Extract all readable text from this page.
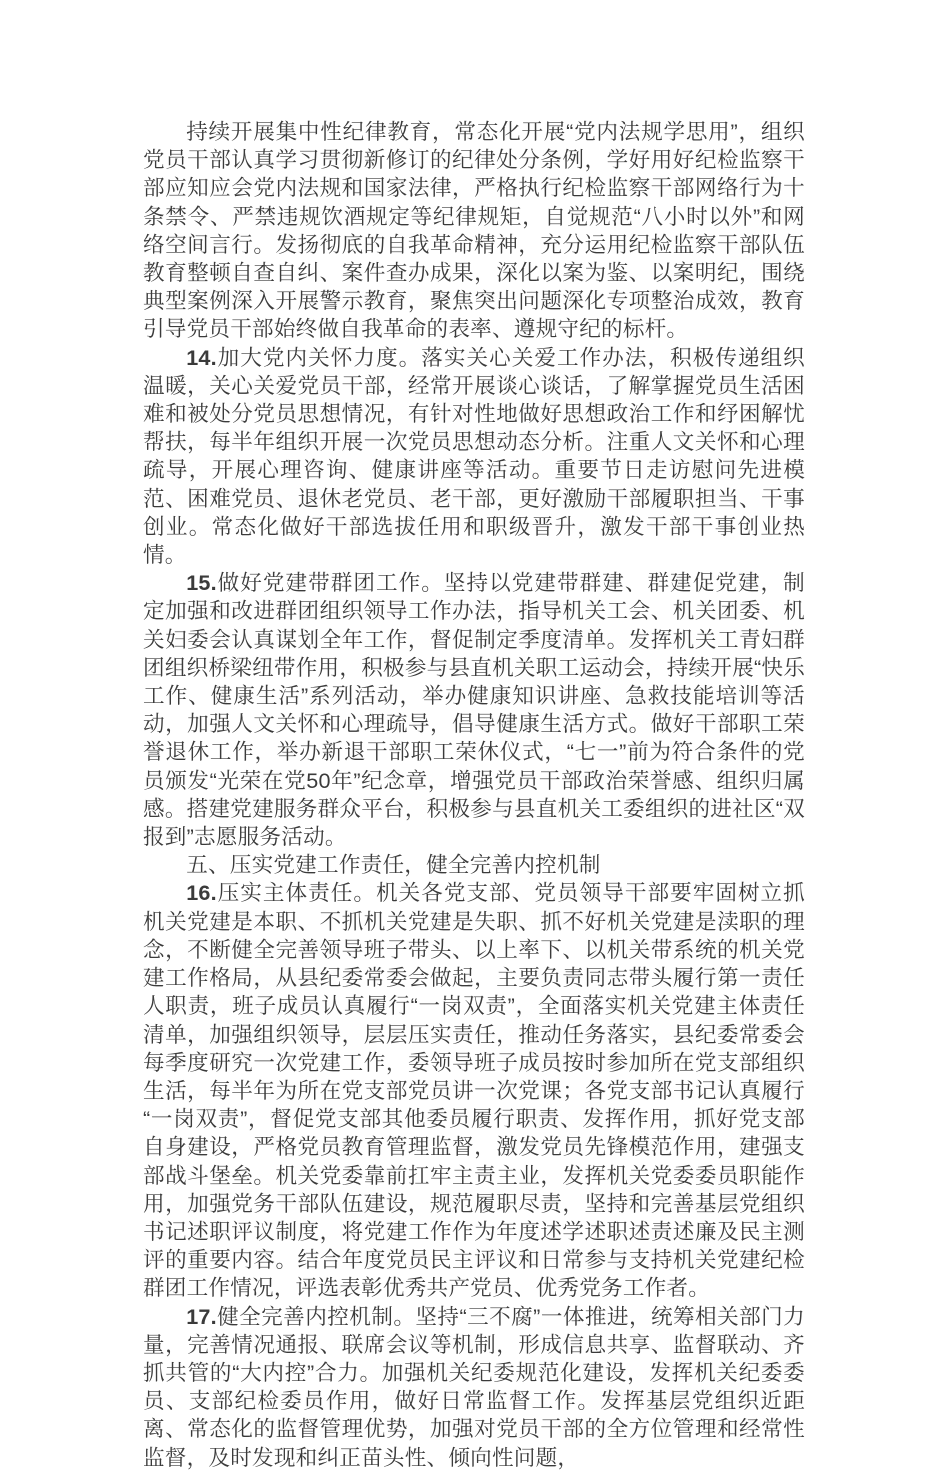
持续开展集中性纪律教育，常态化开展“党内法规学思用”，组织党员干部认真学习贯彻新修订的纪律处分条例，学好用好纪检监察干部应知应会党内法规和国家法律，严格执行纪检监察干部网络行为十条禁令、严禁违规饮酒规定等纪律规矩，自觉规范“八小时以外”和网络空间言行。发扬彻底的自我革命精神，充分运用纪检监察干部队伍教育整顿自查自纠、案件查办成果，深化以案为鉴、以案明纪，围绕典型案例深入开展警示教育，聚焦突出问题深化专项整治成效，教育引导党员干部始终做自我革命的表率、遵规守纪的标杆。

14.加大党内关怀力度。落实关心关爱工作办法，积极传递组织温暖，关心关爱党员干部，经常开展谈心谈话，了解掌握党员生活困难和被处分党员思想情况，有针对性地做好思想政治工作和纾困解忧帮扶，每半年组织开展一次党员思想动态分析。注重人文关怀和心理疏导，开展心理咨询、健康讲座等活动。重要节日走访慰问先进模范、困难党员、退休老党员、老干部，更好激励干部履职担当、干事创业。常态化做好干部选拔任用和职级晋升，激发干部干事创业热情。

15.做好党建带群团工作。坚持以党建带群建、群建促党建，制定加强和改进群团组织领导工作办法，指导机关工会、机关团委、机关妇委会认真谋划全年工作，督促制定季度清单。发挥机关工青妇群团组织桥梁纽带作用，积极参与县直机关职工运动会，持续开展“快乐工作、健康生活”系列活动，举办健康知识讲座、急救技能培训等活动，加强人文关怀和心理疏导，倡导健康生活方式。做好干部职工荣誉退休工作，举办新退干部职工荣休仪式，“七一”前为符合条件的党员颁发“光荣在党50年”纪念章，增强党员干部政治荣誉感、组织归属感。搭建党建服务群众平台，积极参与县直机关工委组织的进社区“双报到”志愿服务活动。

五、压实党建工作责任，健全完善内控机制

16.压实主体责任。机关各党支部、党员领导干部要牢固树立抓机关党建是本职、不抓机关党建是失职、抓不好机关党建是渎职的理念，不断健全完善领导班子带头、以上率下、以机关带系统的机关党建工作格局，从县纪委常委会做起，主要负责同志带头履行第一责任人职责，班子成员认真履行“一岗双责”，全面落实机关党建主体责任清单，加强组织领导，层层压实责任，推动任务落实，县纪委常委会每季度研究一次党建工作，委领导班子成员按时参加所在党支部组织生活，每半年为所在党支部党员讲一次党课；各党支部书记认真履行“一岗双责”，督促党支部其他委员履行职责、发挥作用，抓好党支部自身建设，严格党员教育管理监督，激发党员先锋模范作用，建强支部战斗堡垒。机关党委靠前扛牢主责主业，发挥机关党委委员职能作用，加强党务干部队伍建设，规范履职尽责，坚持和完善基层党组织书记述职评议制度，将党建工作作为年度述学述职述责述廉及民主测评的重要内容。结合年度党员民主评议和日常参与支持机关党建纪检群团工作情况，评选表彰优秀共产党员、优秀党务工作者。

17.健全完善内控机制。坚持“三不腐”一体推进，统筹相关部门力量，完善情况通报、联席会议等机制，形成信息共享、监督联动、齐抓共管的“大内控”合力。加强机关纪委规范化建设，发挥机关纪委委员、支部纪检委员作用，做好日常监督工作。发挥基层党组织近距离、常态化的监督管理优势，加强对党员干部的全方位管理和经常性监督，及时发现和纠正苗头性、倾向性问题，
